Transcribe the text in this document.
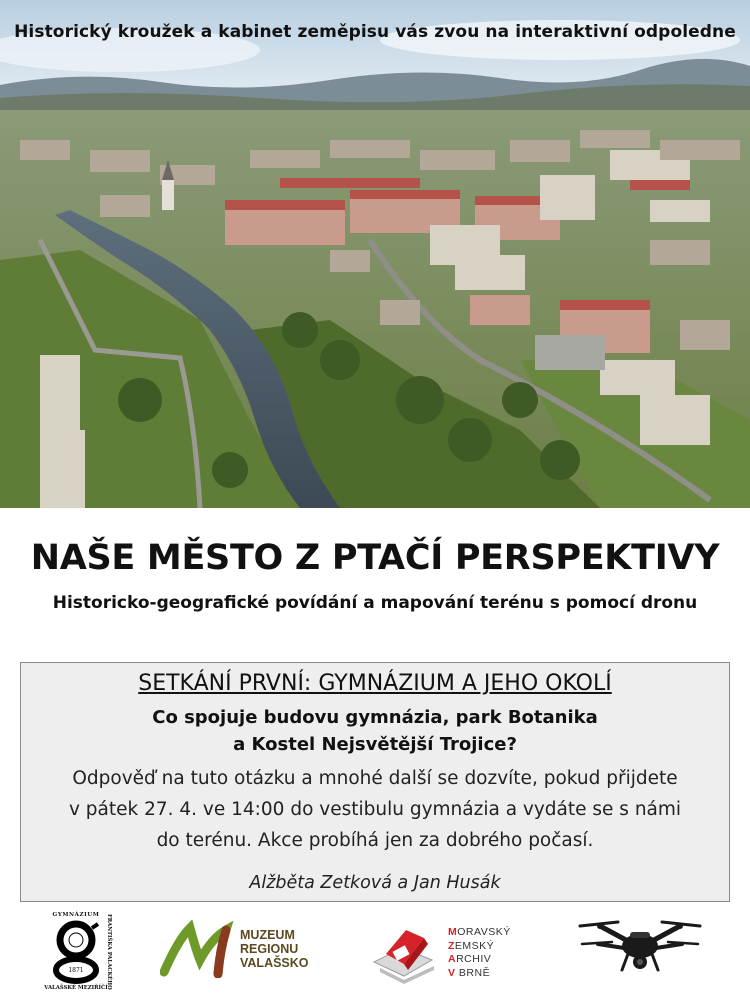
Historický kroužek a kabinet zeměpisu vás zvou na interaktivní odpoledne
NAŠE MĚSTO Z PTAČÍ PERSPEKTIVY
Historicko-geografické povídání a mapování terénu s pomocí dronu
SETKÁNÍ PRVNÍ: GYMNÁZIUM A JEHO OKOLÍ
Co spojuje budovu gymnázia, park Botanika
a Kostel Nejsvětější Trojice?
Odpověď na tuto otázku a mnohé další se dozvíte, pokud přijdete
v pátek 27. 4. ve 14:00 do vestibulu gymnázia a vydáte se s námi
do terénu. Akce probíhá jen za dobrého počasí.
Alžběta Zetková a Jan Husák
GYMNÁZIUM
1871
VALAŠSKÉ MEZIŘÍČÍ
FRANTIŠKA PALACKÉHO	MUZEUM
REGIONU
VALAŠSKO
MORAVSKÝ
ZEMSKÝ
ARCHIV
V BRNĚ
